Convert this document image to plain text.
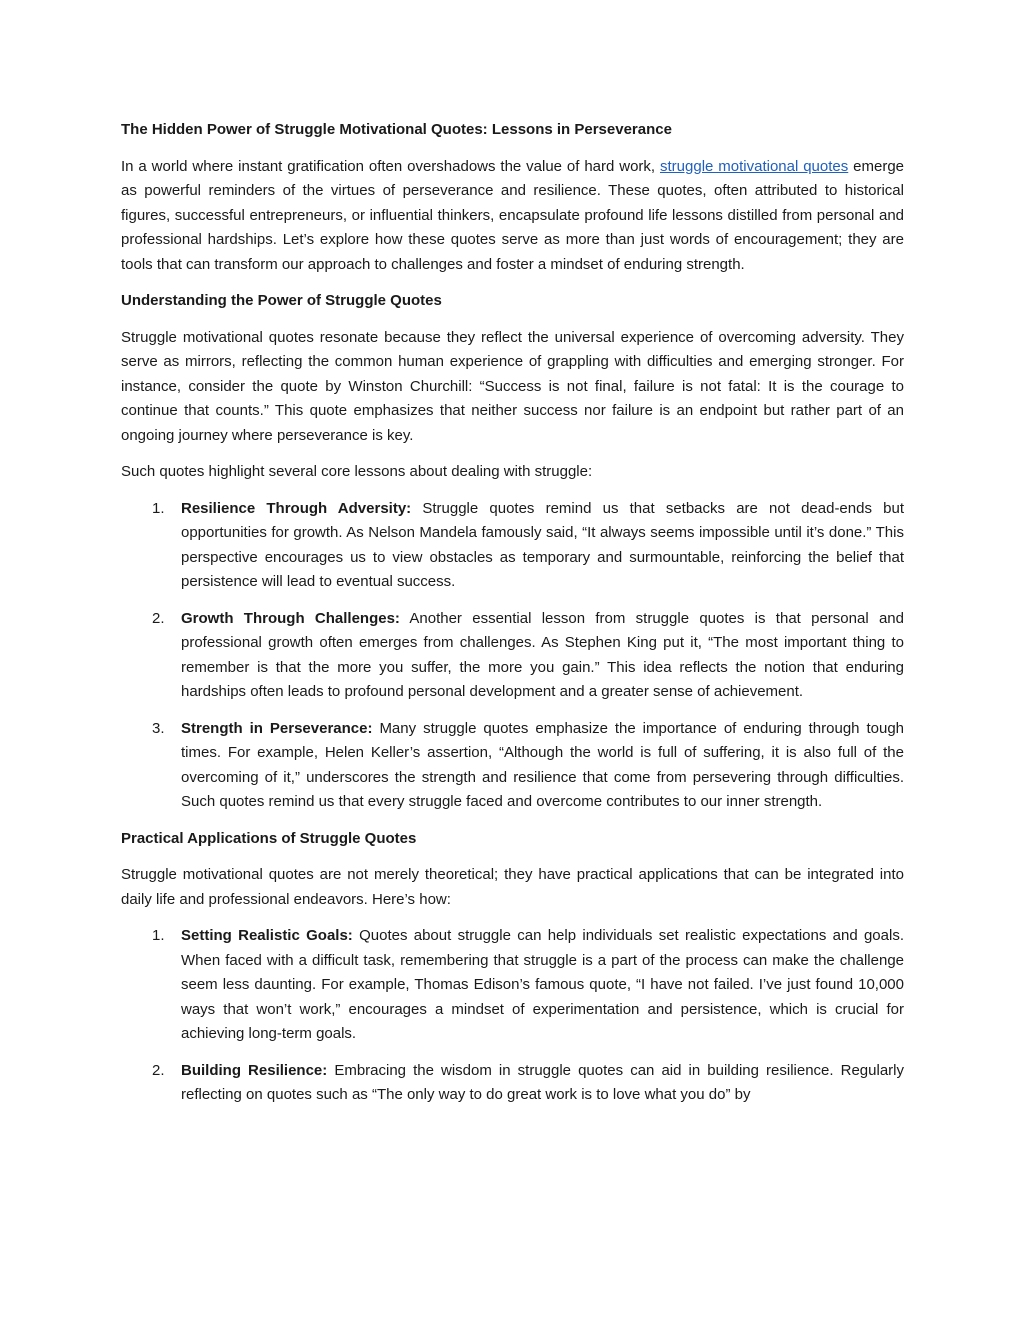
The Hidden Power of Struggle Motivational Quotes: Lessons in Perseverance

In a world where instant gratification often overshadows the value of hard work, struggle motivational quotes emerge as powerful reminders of the virtues of perseverance and resilience. These quotes, often attributed to historical figures, successful entrepreneurs, or influential thinkers, encapsulate profound life lessons distilled from personal and professional hardships. Let’s explore how these quotes serve as more than just words of encouragement; they are tools that can transform our approach to challenges and foster a mindset of enduring strength.

Understanding the Power of Struggle Quotes

Struggle motivational quotes resonate because they reflect the universal experience of overcoming adversity. They serve as mirrors, reflecting the common human experience of grappling with difficulties and emerging stronger. For instance, consider the quote by Winston Churchill: “Success is not final, failure is not fatal: It is the courage to continue that counts.” This quote emphasizes that neither success nor failure is an endpoint but rather part of an ongoing journey where perseverance is key.

Such quotes highlight several core lessons about dealing with struggle:

1. Resilience Through Adversity: Struggle quotes remind us that setbacks are not dead-ends but opportunities for growth. As Nelson Mandela famously said, “It always seems impossible until it’s done.” This perspective encourages us to view obstacles as temporary and surmountable, reinforcing the belief that persistence will lead to eventual success.
2. Growth Through Challenges: Another essential lesson from struggle quotes is that personal and professional growth often emerges from challenges. As Stephen King put it, “The most important thing to remember is that the more you suffer, the more you gain.” This idea reflects the notion that enduring hardships often leads to profound personal development and a greater sense of achievement.
3. Strength in Perseverance: Many struggle quotes emphasize the importance of enduring through tough times. For example, Helen Keller’s assertion, “Although the world is full of suffering, it is also full of the overcoming of it,” underscores the strength and resilience that come from persevering through difficulties. Such quotes remind us that every struggle faced and overcome contributes to our inner strength.
Practical Applications of Struggle Quotes

Struggle motivational quotes are not merely theoretical; they have practical applications that can be integrated into daily life and professional endeavors. Here’s how:

1. Setting Realistic Goals: Quotes about struggle can help individuals set realistic expectations and goals. When faced with a difficult task, remembering that struggle is a part of the process can make the challenge seem less daunting. For example, Thomas Edison’s famous quote, “I have not failed. I’ve just found 10,000 ways that won’t work,” encourages a mindset of experimentation and persistence, which is crucial for achieving long-term goals.
2. Building Resilience: Embracing the wisdom in struggle quotes can aid in building resilience. Regularly reflecting on quotes such as “The only way to do great work is to love what you do” by
